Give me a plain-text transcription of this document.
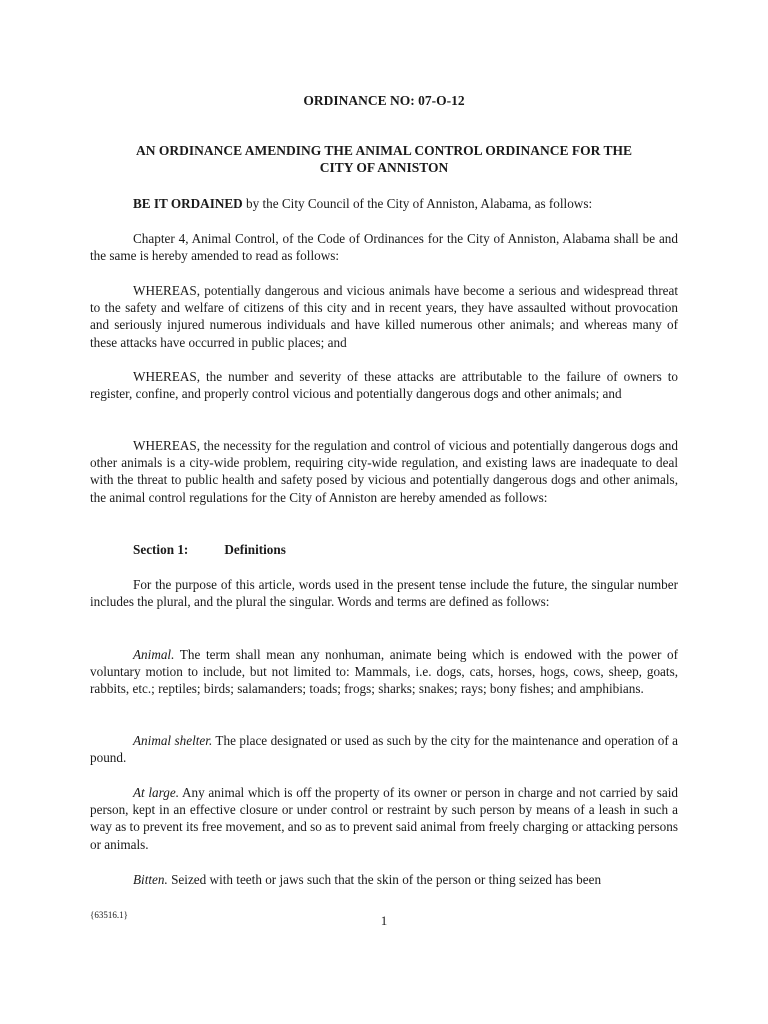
ORDINANCE NO: 07-O-12

AN ORDINANCE AMENDING THE ANIMAL CONTROL ORDINANCE FOR THE
CITY OF ANNISTON

BE IT ORDAINED by the City Council of the City of Anniston, Alabama, as follows:

Chapter 4, Animal Control, of the Code of Ordinances for the City of Anniston, Alabama shall be and the same is hereby amended to read as follows:

WHEREAS, potentially dangerous and vicious animals have become a serious and widespread threat to the safety and welfare of citizens of this city and in recent years, they have assaulted without provocation and seriously injured numerous individuals and have killed numerous other animals; and whereas many of these attacks have occurred in public places; and

WHEREAS, the number and severity of these attacks are attributable to the failure of owners to register, confine, and properly control vicious and potentially dangerous dogs and other animals; and

WHEREAS, the necessity for the regulation and control of vicious and potentially dangerous dogs and other animals is a city-wide problem, requiring city-wide regulation, and existing laws are inadequate to deal with the threat to public health and safety posed by vicious and potentially dangerous dogs and other animals, the animal control regulations for the City of Anniston are hereby amended as follows:

Section 1:	Definitions

For the purpose of this article, words used in the present tense include the future, the singular number includes the plural, and the plural the singular. Words and terms are defined as follows:

Animal. The term shall mean any nonhuman, animate being which is endowed with the power of voluntary motion to include, but not limited to: Mammals, i.e. dogs, cats, horses, hogs, cows, sheep, goats, rabbits, etc.; reptiles; birds; salamanders; toads; frogs; sharks; snakes; rays; bony fishes; and amphibians.

Animal shelter. The place designated or used as such by the city for the maintenance and operation of a pound.

At large. Any animal which is off the property of its owner or person in charge and not carried by said person, kept in an effective closure or under control or restraint by such person by means of a leash in such a way as to prevent its free movement, and so as to prevent said animal from freely charging or attacking persons or animals.

Bitten. Seized with teeth or jaws such that the skin of the person or thing seized has been

{63516.1}	1
